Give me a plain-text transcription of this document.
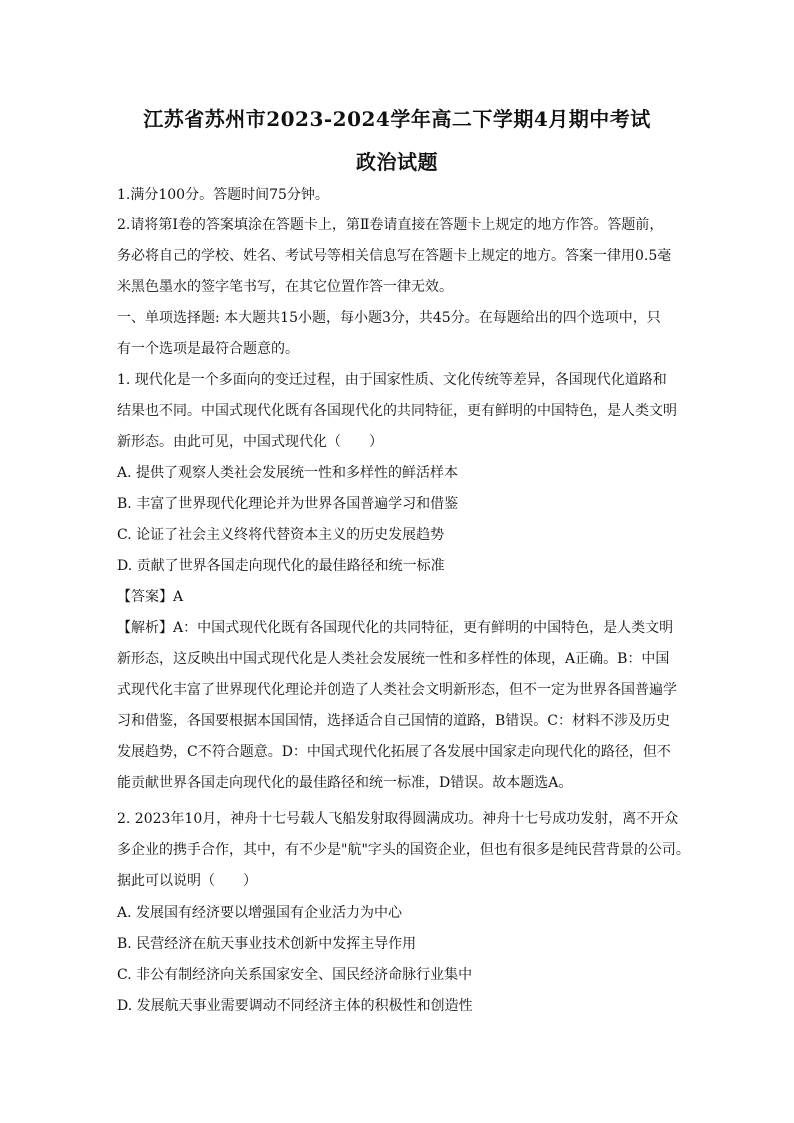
江苏省苏州市2023-2024学年高二下学期4月期中考试
政治试题
1.满分100分。答题时间75分钟。
2.请将第Ⅰ卷的答案填涂在答题卡上，第Ⅱ卷请直接在答题卡上规定的地方作答。答题前，
务必将自己的学校、姓名、考试号等相关信息写在答题卡上规定的地方。答案一律用0.5毫
米黑色墨水的签字笔书写，在其它位置作答一律无效。
一、单项选择题: 本大题共15小题，每小题3分，共45分。在每题给出的四个选项中，只
有一个选项是最符合题意的。
1. 现代化是一个多面向的变迁过程，由于国家性质、文化传统等差异，各国现代化道路和
结果也不同。中国式现代化既有各国现代化的共同特征，更有鲜明的中国特色，是人类文明
新形态。由此可见，中国式现代化（　　）
A. 提供了观察人类社会发展统一性和多样性的鲜活样本
B. 丰富了世界现代化理论并为世界各国普遍学习和借鉴
C. 论证了社会主义终将代替资本主义的历史发展趋势
D. 贡献了世界各国走向现代化的最佳路径和统一标准
【答案】A
【解析】A：中国式现代化既有各国现代化的共同特征，更有鲜明的中国特色，是人类文明
新形态，这反映出中国式现代化是人类社会发展统一性和多样性的体现，A正确。B：中国
式现代化丰富了世界现代化理论并创造了人类社会文明新形态，但不一定为世界各国普遍学
习和借鉴，各国要根据本国国情，选择适合自己国情的道路，B错误。C：材料不涉及历史
发展趋势，C不符合题意。D：中国式现代化拓展了各发展中国家走向现代化的路径，但不
能贡献世界各国走向现代化的最佳路径和统一标准，D错误。故本题选A。
2. 2023年10月，神舟十七号载人飞船发射取得圆满成功。神舟十七号成功发射，离不开众
多企业的携手合作，其中，有不少是"航"字头的国资企业，但也有很多是纯民营背景的公司。
据此可以说明（　　）
A. 发展国有经济要以增强国有企业活力为中心
B. 民营经济在航天事业技术创新中发挥主导作用
C. 非公有制经济向关系国家安全、国民经济命脉行业集中
D. 发展航天事业需要调动不同经济主体的积极性和创造性
